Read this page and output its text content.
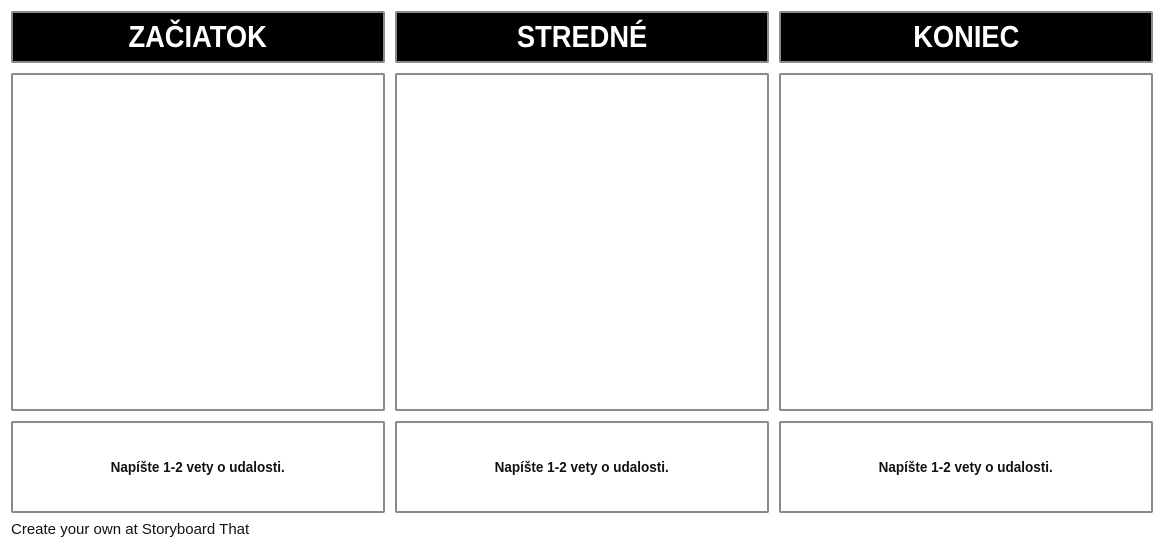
ZAČIATOK
Napíšte 1-2 vety o udalosti.
STREDNÉ
Napíšte 1-2 vety o udalosti.
KONIEC
Napíšte 1-2 vety o udalosti.
Create your own at Storyboard That
